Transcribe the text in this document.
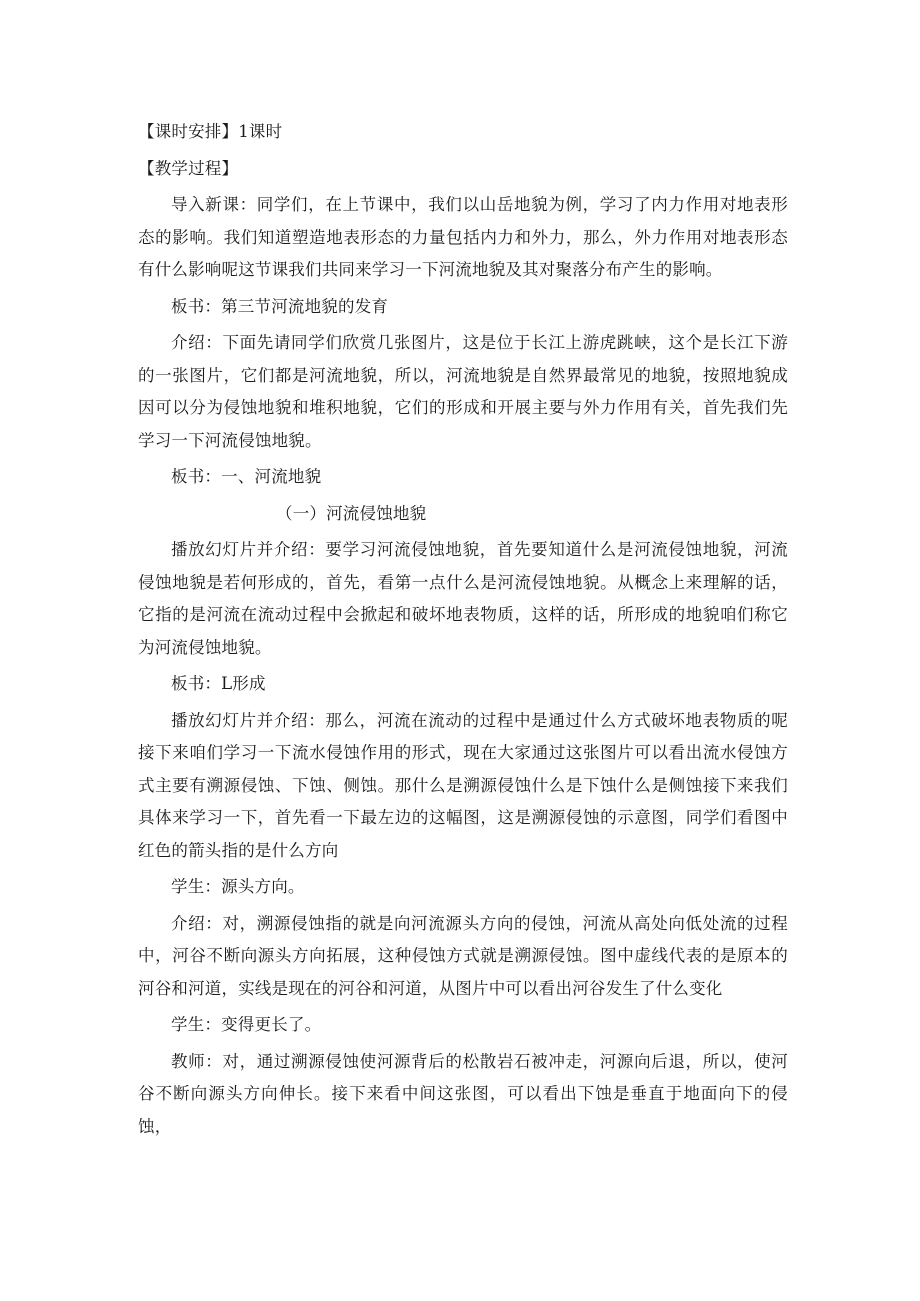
【课时安排】1课时

【教学过程】

导入新课：同学们，在上节课中，我们以山岳地貌为例，学习了内力作用对地表形态的影响。我们知道塑造地表形态的力量包括内力和外力，那么，外力作用对地表形态有什么影响呢这节课我们共同来学习一下河流地貌及其对聚落分布产生的影响。

板书：第三节河流地貌的发育

介绍：下面先请同学们欣赏几张图片，这是位于长江上游虎跳峡，这个是长江下游的一张图片，它们都是河流地貌，所以，河流地貌是自然界最常见的地貌，按照地貌成因可以分为侵蚀地貌和堆积地貌，它们的形成和开展主要与外力作用有关，首先我们先学习一下河流侵蚀地貌。

板书：一、河流地貌

（一）河流侵蚀地貌

播放幻灯片并介绍：要学习河流侵蚀地貌，首先要知道什么是河流侵蚀地貌，河流侵蚀地貌是若何形成的，首先，看第一点什么是河流侵蚀地貌。从概念上来理解的话，它指的是河流在流动过程中会掀起和破坏地表物质，这样的话，所形成的地貌咱们称它为河流侵蚀地貌。

板书：L形成

播放幻灯片并介绍：那么，河流在流动的过程中是通过什么方式破坏地表物质的呢接下来咱们学习一下流水侵蚀作用的形式，现在大家通过这张图片可以看出流水侵蚀方式主要有溯源侵蚀、下蚀、侧蚀。那什么是溯源侵蚀什么是下蚀什么是侧蚀接下来我们具体来学习一下，首先看一下最左边的这幅图，这是溯源侵蚀的示意图，同学们看图中红色的箭头指的是什么方向

学生：源头方向。

介绍：对，溯源侵蚀指的就是向河流源头方向的侵蚀，河流从高处向低处流的过程中，河谷不断向源头方向拓展，这种侵蚀方式就是溯源侵蚀。图中虚线代表的是原本的河谷和河道，实线是现在的河谷和河道，从图片中可以看出河谷发生了什么变化

学生：变得更长了。

教师：对，通过溯源侵蚀使河源背后的松散岩石被冲走，河源向后退，所以，使河谷不断向源头方向伸长。接下来看中间这张图，可以看出下蚀是垂直于地面向下的侵蚀，
